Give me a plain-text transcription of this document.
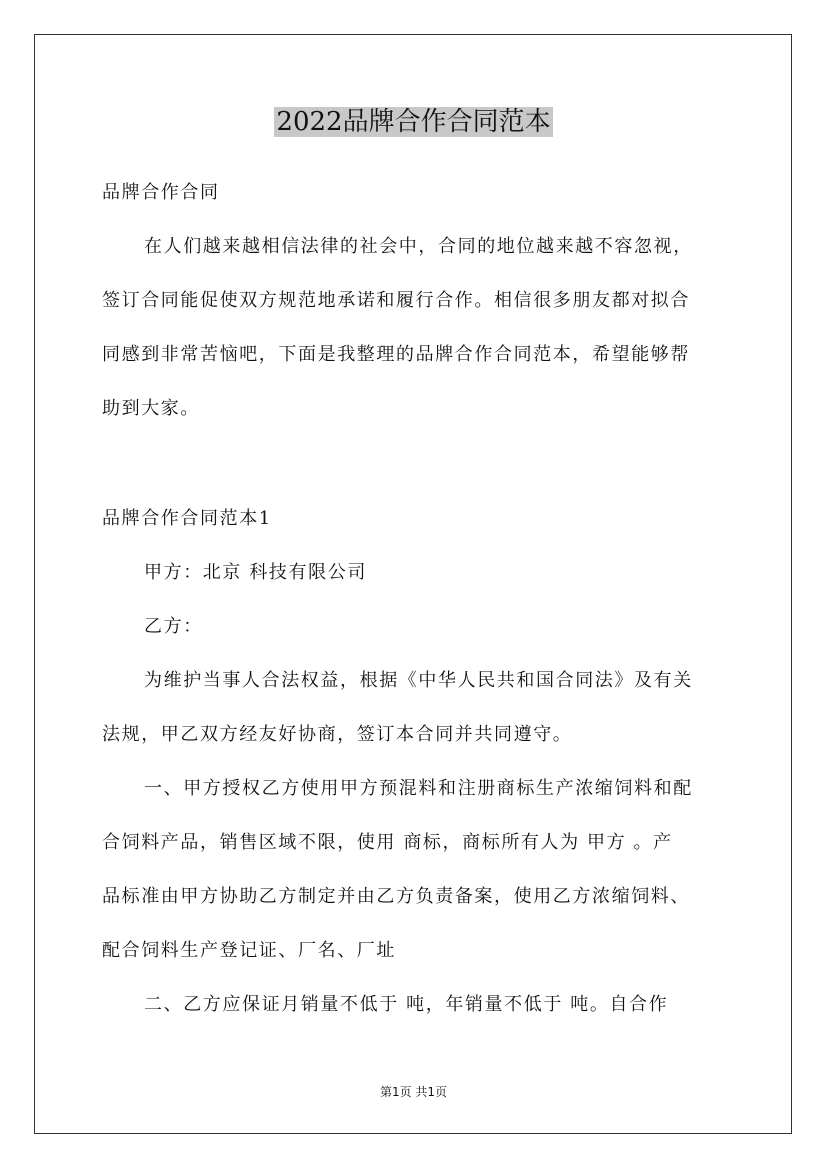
2022品牌合作合同范本
品牌合作合同
在人们越来越相信法律的社会中，合同的地位越来越不容忽视，
签订合同能促使双方规范地承诺和履行合作。相信很多朋友都对拟合
同感到非常苦恼吧，下面是我整理的品牌合作合同范本，希望能够帮
助到大家。
品牌合作合同范本1
甲方：北京 科技有限公司
乙方：
为维护当事人合法权益，根据《中华人民共和国合同法》及有关
法规，甲乙双方经友好协商，签订本合同并共同遵守。
一、甲方授权乙方使用甲方预混料和注册商标生产浓缩饲料和配
合饲料产品，销售区域不限，使用 商标，商标所有人为 甲方 。产
品标准由甲方协助乙方制定并由乙方负责备案，使用乙方浓缩饲料、
配合饲料生产登记证、厂名、厂址
二、乙方应保证月销量不低于 吨，年销量不低于 吨。自合作
第1页 共1页
